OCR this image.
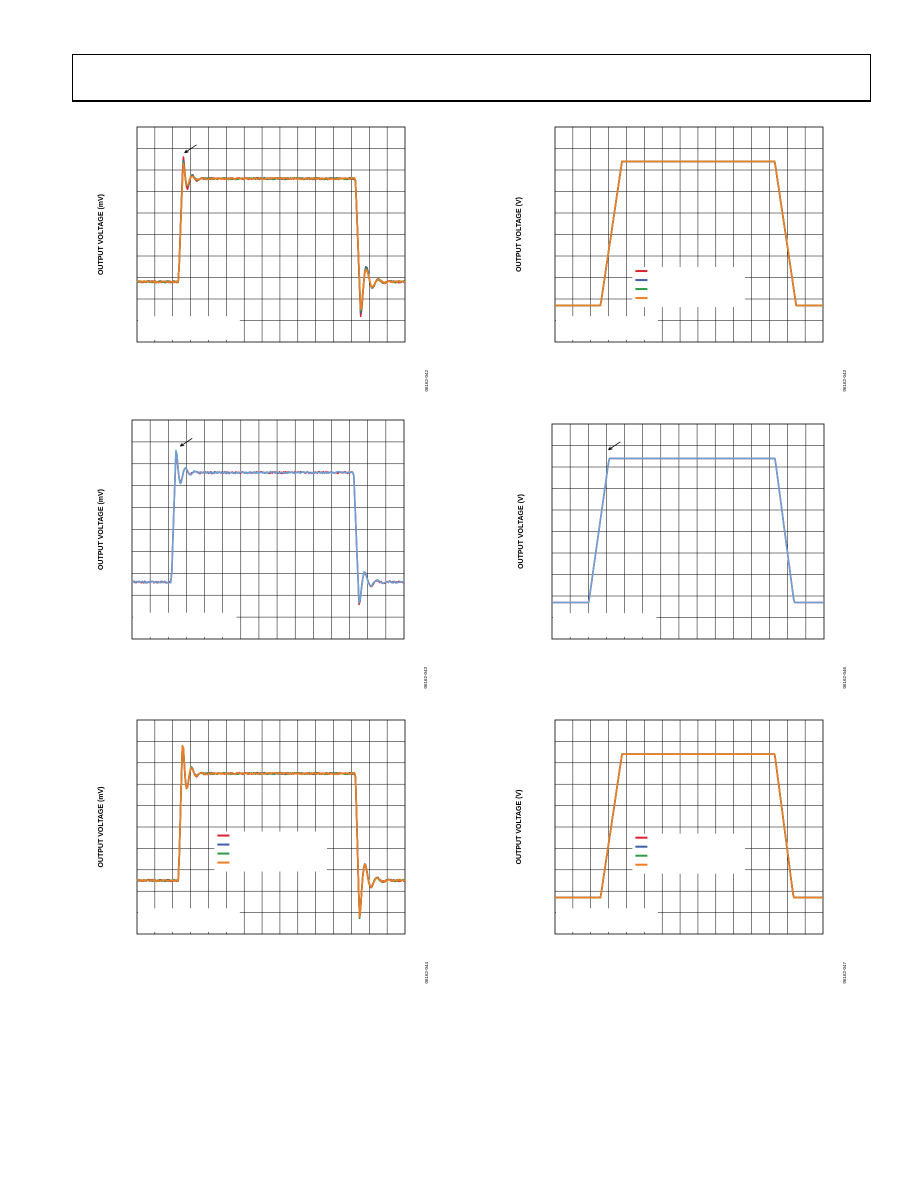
OUTPUT VOLTAGE (mV)
06162-042
OUTPUT VOLTAGE (V)
06162-043
OUTPUT VOLTAGE (mV)
06162-043
OUTPUT VOLTAGE (V)
06162-046
OUTPUT VOLTAGE (mV)
06162-044
OUTPUT VOLTAGE (V)
06162-047
